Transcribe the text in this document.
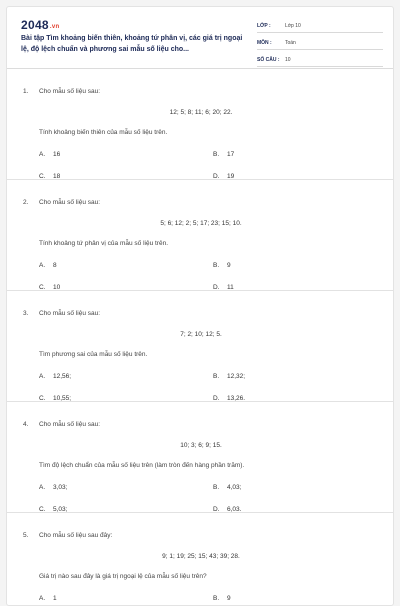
2048.vn
Bài tập Tìm khoảng biến thiên, khoảng tứ phân vị, các giá trị ngoại lệ, độ lệch chuẩn và phương sai mẫu số liệu cho...
LỚP :	Lớp 10
MÔN :	Toán
SỐ CÂU :	10
1.	Cho mẫu số liệu sau:
12; 5; 8; 11; 6; 20; 22.
Tính khoảng biến thiên của mẫu số liệu trên.
A.	16	B.	17
C.	18	D.	19
2.	Cho mẫu số liệu sau:
5; 6; 12; 2; 5; 17; 23; 15; 10.
Tính khoảng tứ phân vị của mẫu số liệu trên.
A.	8	B.	9
C.	10	D.	11
3.	Cho mẫu số liệu sau:
7; 2; 10; 12; 5.
Tìm phương sai của mẫu số liệu trên.
A.	12,56;	B.	12,32;
C.	10,55;	D.	13,26.
4.	Cho mẫu số liệu sau:
10; 3; 6; 9; 15.
Tìm độ lệch chuẩn của mẫu số liệu trên (làm tròn đến hàng phần trăm).
A.	3,03;	B.	4,03;
C.	5,03;	D.	6,03.
5.	Cho mẫu số liệu sau đây:
9; 1; 19; 25; 15; 43; 39; 28.
Giá trị nào sau đây là giá trị ngoại lệ của mẫu số liệu trên?
A.	1	B.	9
